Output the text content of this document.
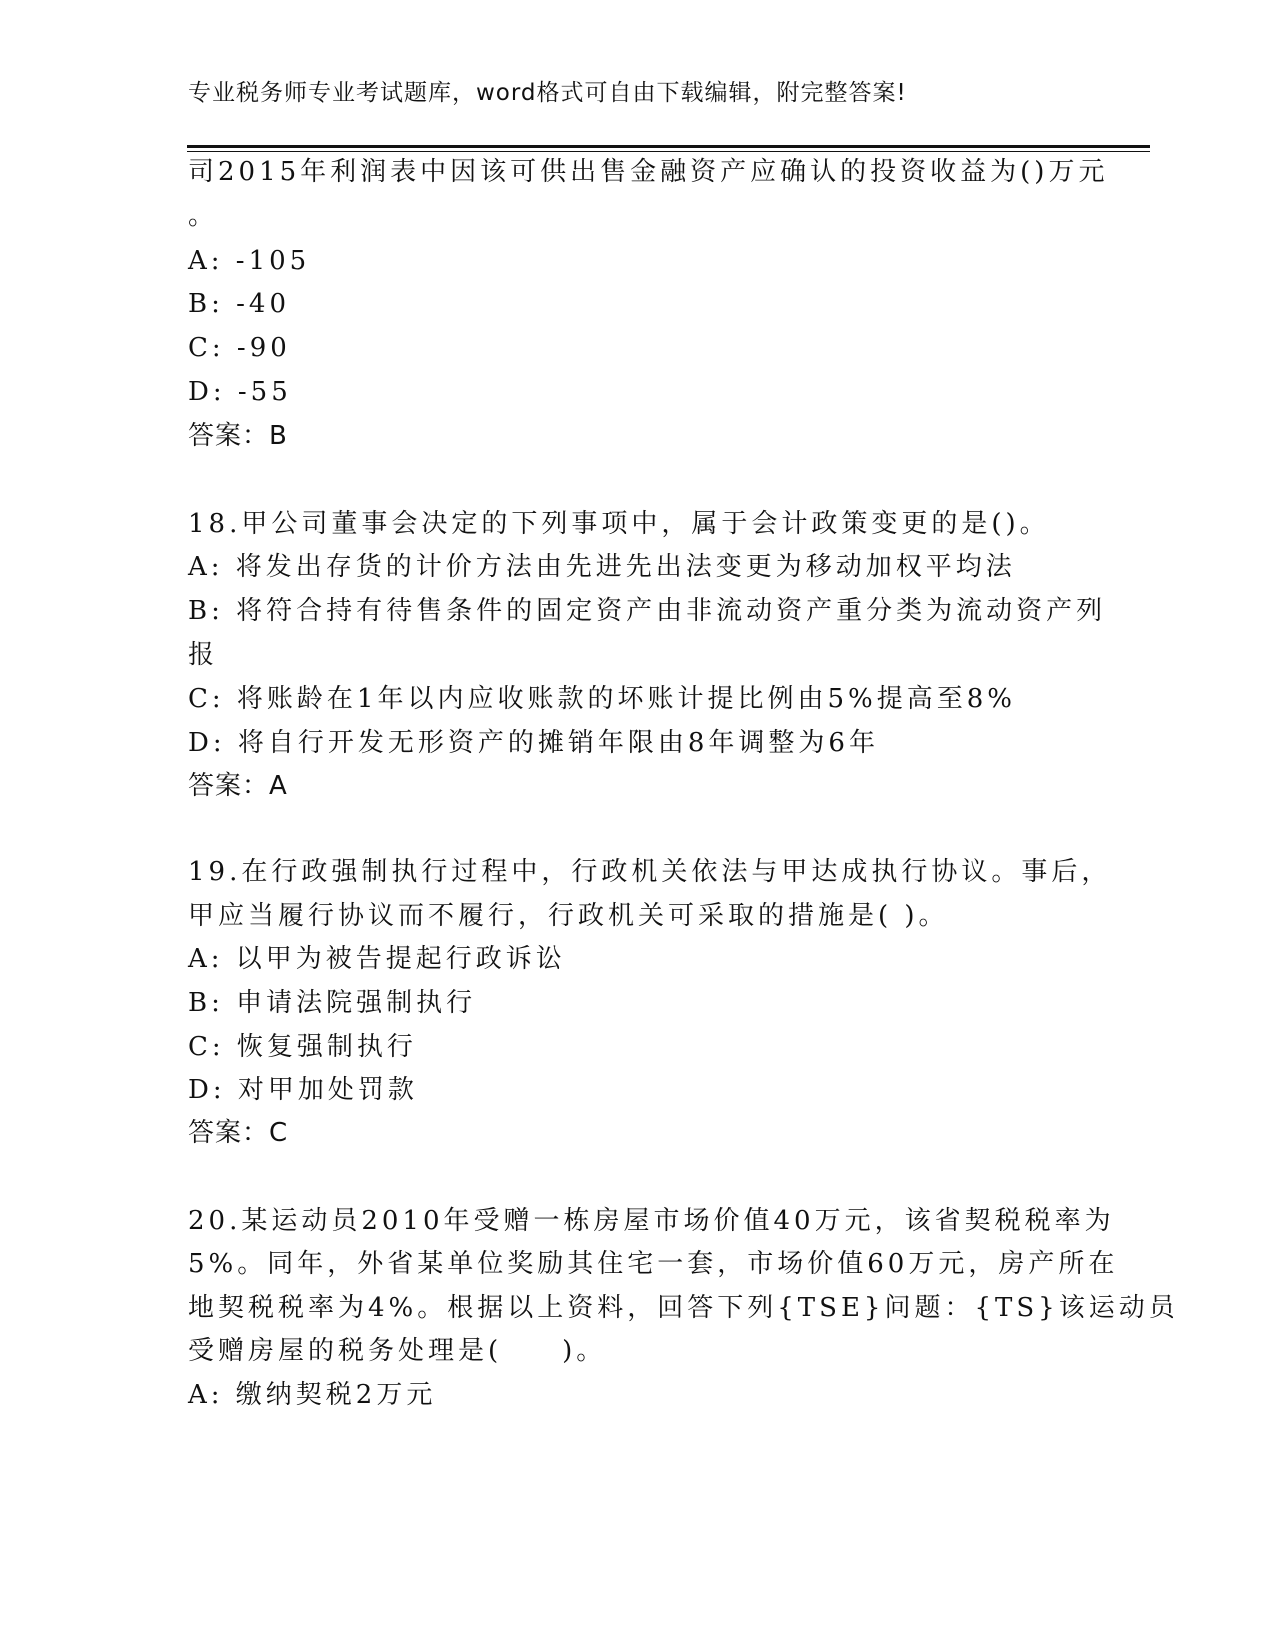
专业税务师专业考试题库，word格式可自由下载编辑，附完整答案!
司2015年利润表中因该可供出售金融资产应确认的投资收益为()万元
。
A: -105
B: -40
C: -90
D: -55
答案：B
18.甲公司董事会决定的下列事项中，属于会计政策变更的是()。
A: 将发出存货的计价方法由先进先出法变更为移动加权平均法
B: 将符合持有待售条件的固定资产由非流动资产重分类为流动资产列
报
C: 将账龄在1年以内应收账款的坏账计提比例由5%提高至8%
D: 将自行开发无形资产的摊销年限由8年调整为6年
答案：A
19.在行政强制执行过程中，行政机关依法与甲达成执行协议。事后，
甲应当履行协议而不履行，行政机关可采取的措施是( )。
A: 以甲为被告提起行政诉讼
B: 申请法院强制执行
C: 恢复强制执行
D: 对甲加处罚款
答案：C
20.某运动员2010年受赠一栋房屋市场价值40万元，该省契税税率为
5%。同年，外省某单位奖励其住宅一套，市场价值60万元，房产所在
地契税税率为4%。根据以上资料，回答下列{TSE}问题：{TS}该运动员
受赠房屋的税务处理是(　　)。
A: 缴纳契税2万元
